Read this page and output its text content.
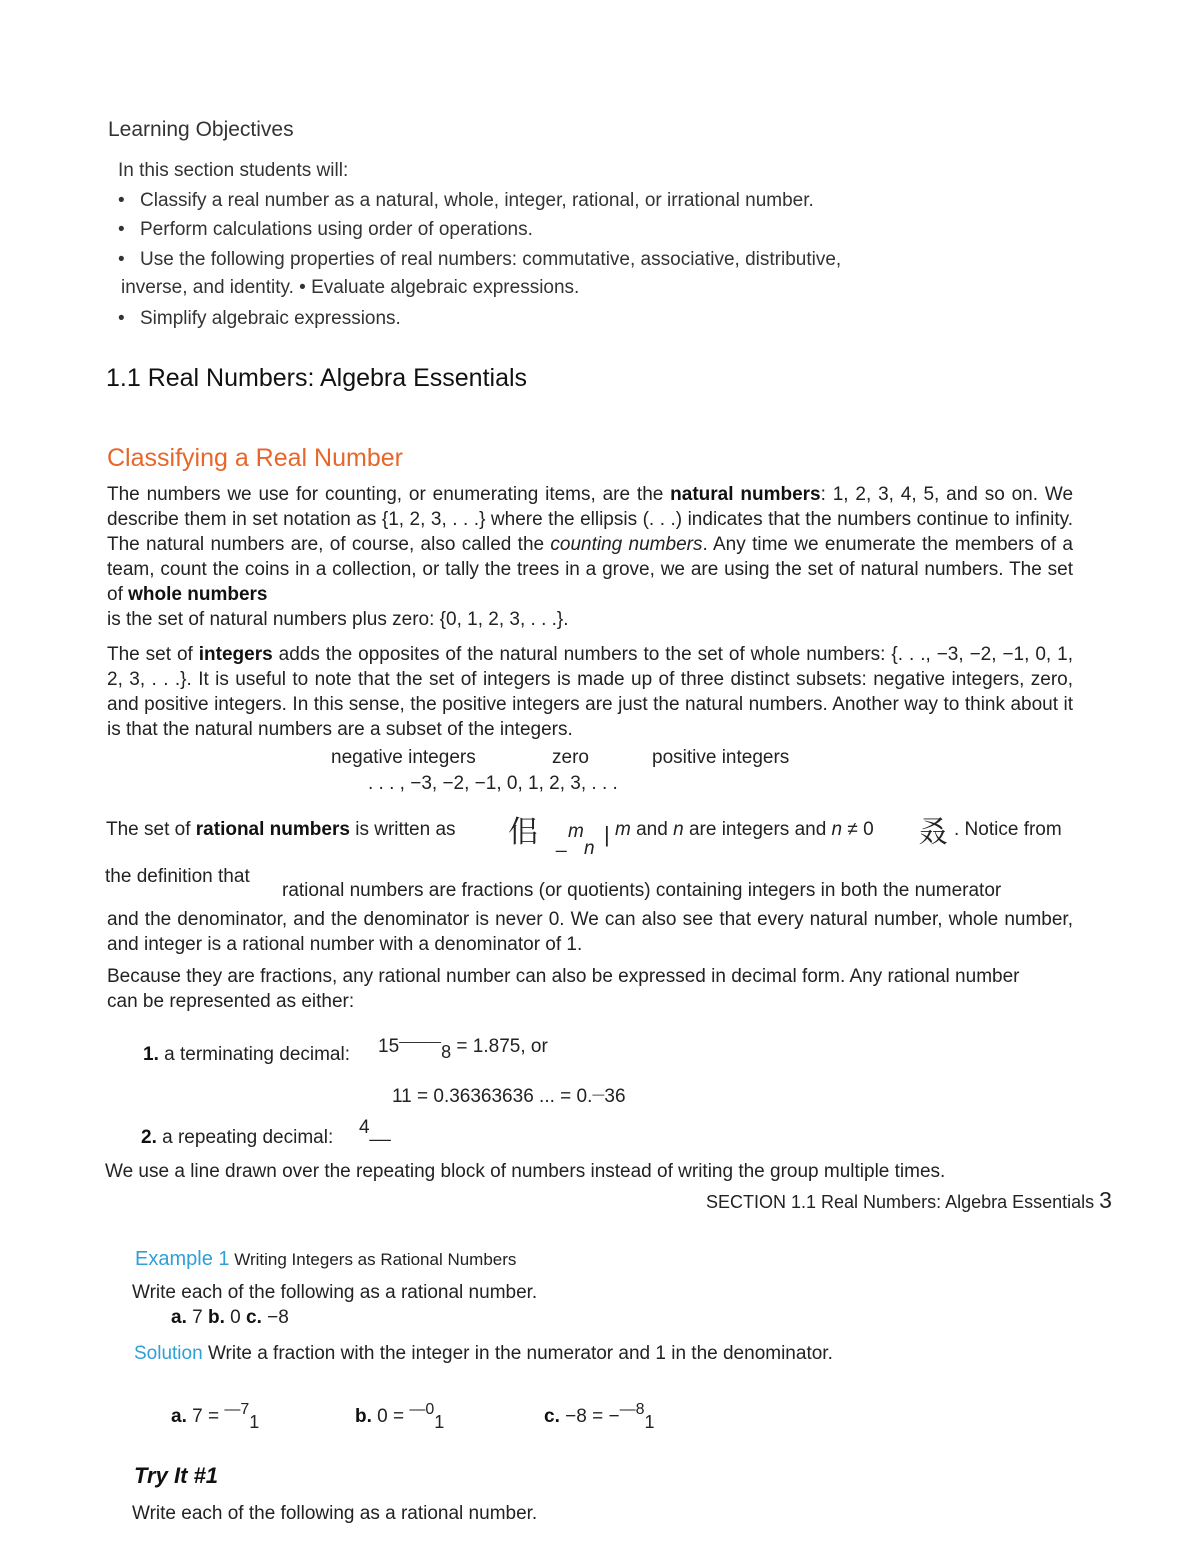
Learning Objectives
In this section students will:
• Classify a real number as a natural, whole, integer, rational, or irrational number.
• Perform calculations using order of operations.
• Use the following properties of real numbers: commutative, associative, distributive,
inverse, and identity. • Evaluate algebraic expressions.
• Simplify algebraic expressions.
1.1 Real Numbers: Algebra Essentials
Classifying a Real Number
The numbers we use for counting, or enumerating items, are the natural numbers: 1, 2, 3, 4, 5, and so on. We describe them in set notation as {1, 2, 3, . . .} where the ellipsis (. . .) indicates that the numbers continue to infinity. The natural numbers are, of course, also called the counting numbers. Any time we enumerate the members of a team, count the coins in a collection, or tally the trees in a grove, we are using the set of natural numbers. The set of whole numbers
is the set of natural numbers plus zero: {0, 1, 2, 3, . . .}.
The set of integers adds the opposites of the natural numbers to the set of whole numbers: {. . ., −3, −2, −1, 0, 1, 2, 3, . . .}. It is useful to note that the set of integers is made up of three distinct subsets: negative integers, zero, and positive integers. In this sense, the positive integers are just the natural numbers. Another way to think about it is that the natural numbers are a subset of the integers.
negative integers	zero	positive integers
. . . , −3, −2, −1, 0, 1, 2, 3, . . .
The set of rational numbers is written as 佀 m
_ n
| m and n are integers and n ≠ 0 叒 . Notice from
the definition that
rational numbers are fractions (or quotients) containing integers in both the numerator
and the denominator, and the denominator is never 0. We can also see that every natural number, whole number, and integer is a rational number with a denominator of 1.
Because they are fractions, any rational number can also be expressed in decimal form. Any rational number can be represented as either:
1. a terminating decimal: 15———8 = 1.875, or
11 = 0.36363636 ... = 0.—36
2. a repeating decimal: 4__
We use a line drawn over the repeating block of numbers instead of writing the group multiple times.
SECTION 1.1 Real Numbers: Algebra Essentials 3
Example 1 Writing Integers as Rational Numbers
Write each of the following as a rational number.
a. 7 b. 0 c. −8
Solution Write a fraction with the integer in the numerator and 1 in the denominator.
a. 7 = $^{—7}$1	b. 0 = $^{—0}$1	c. −8 = −$^{—8}$1
Try It #1
Write each of the following as a rational number.
